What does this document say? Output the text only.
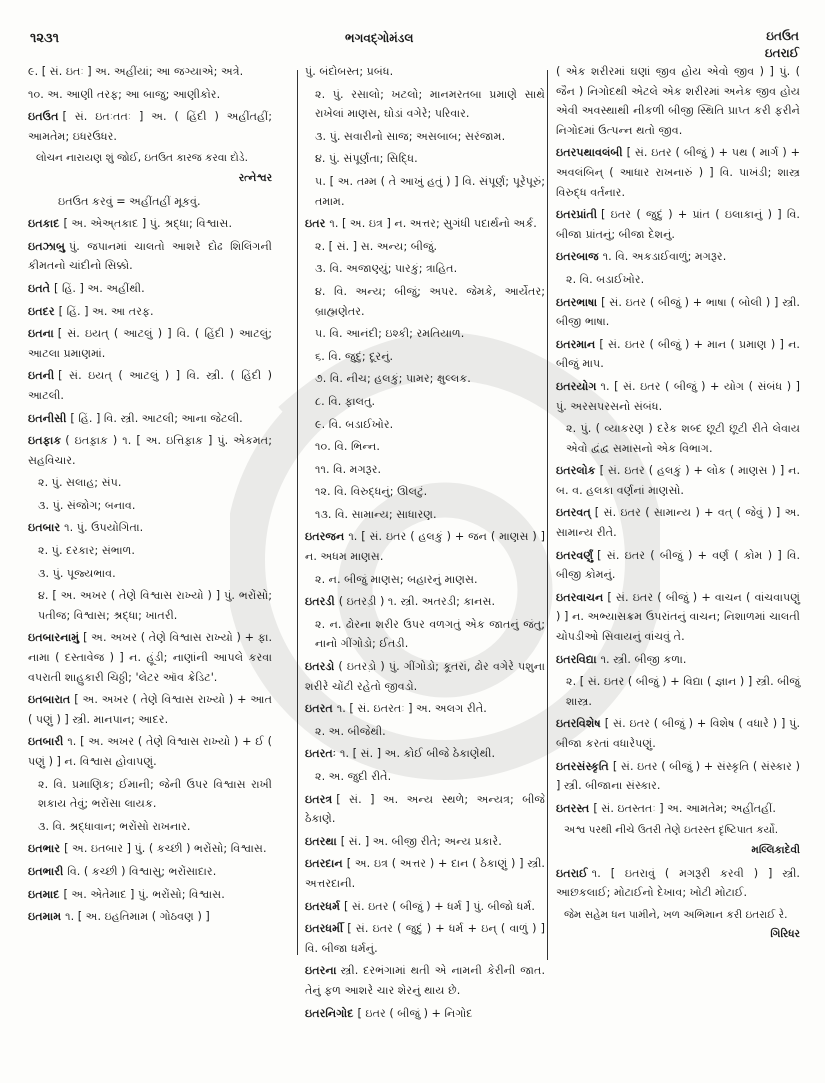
૧૨૩૧	ભગવદ્ગોમંડલ	ઇતઉત
ઇતરાઈ
૯. [ સં. ઇતઃ ] અ. અહીંયાં; આ જગ્યાએ; અત્રે.
૧૦. અ. આણી તરફ; આ બાજુ; આણીકોર.
ઇતઉત [ સં. ઇતઃતતઃ ] અ. ( હિંદી ) અહીંતહીં; આમતેમ; ઇધરઉધર.
લોચન નારાયણ શું જોઈ, ઇતઉત કારજ કરવા દોડે.
રત્નેશ્વર
ઇતઉત કરવું = અહીંતહીં મૂકવું.
ઇતકાદ [ અ. એઅ્તકાદ ] પું. શ્રદ્ધા; વિશ્વાસ.
ઇતઝાબુ પું. જપાનમાં ચાલતો આશરે દોઢ શિલિંગની કીમતનો ચાંદીનો સિક્કો.
ઇતતે [ હિં. ] અ. અહીંથી.
ઇતદર [ હિં. ] અ. આ તરફ.
ઇતના [ સં. ઇયત્ ( આટલું ) ] વિ. ( હિંદી ) આટલું; આટલા પ્રમાણમાં.
ઇતની [ સં. ઇયત્ ( આટલું ) ] વિ. સ્ત્રી. ( હિંદી ) આટલી.
ઇતનીસી [ હિં. ] વિ. સ્ત્રી. આટલી; આના જેટલી.
ઇતફાક ( ઇતફ઼ાક઼ ) ૧. [ અ. ઇત્તિફ઼ાક઼ ] પું. એકમત; સહવિચાર.
૨. પું. સલાહ; સંપ.
૩. પું. સંજોગ; બનાવ.
ઇતબાર ૧. પું. ઉપયોગિતા.
૨. પું. દરકાર; સંભાળ.
૩. પું. પૂજ્યભાવ.
૪. [ અ. અખર ( તેણે વિશ્વાસ રાખ્યો ) ] પું. ભરોંસો; પતીજ; વિશ્વાસ; શ્રદ્ધા; ખાતરી.
ઇતબારનામું [ અ. અખર ( તેણે વિશ્વાસ રાખ્યો ) + ફા. નામા ( દસ્તાવેજ ) ] ન. હૂંડી; નાણાંની આપલે કરવા વપરાતી શાહુકારી ચિઠ્ઠી; 'લેટર ઑવ ક્રેડિટ'.
ઇતબારાત [ અ. અખર ( તેણે વિશ્વાસ રાખ્યો ) + આત ( પણું ) ] સ્ત્રી. માનપાન; આદર.
ઇતબારી ૧. [ અ. અખર ( તેણે વિશ્વાસ રાખ્યો ) + ઈ ( પણું ) ] ન. વિશ્વાસ હોવાપણું.
૨. વિ. પ્રમાણિક; ઈમાની; જેની ઉપર વિશ્વાસ રાખી શકાય તેવું; ભરોંસા લાયક.
૩. વિ. શ્રદ્ધાવાન; ભરોંસો રાખનાર.
ઇતભાર [ અ. ઇતબાર ] પું. ( કચ્છી ) ભરોંસો; વિશ્વાસ.
ઇતભારી વિ. ( કચ્છી ) વિશ્વાસુ; ભરોંસાદાર.
ઇતમાદ [ અ. એતેમાદ ] પું. ભરોંસો; વિશ્વાસ.
ઇતમામ ૧. [ અ. ઇહતિમામ ( ગોઠવણ ) ]
પું. બંદોબસ્ત; પ્રબંધ.
૨. પું. રસાલો; ખટલો; માનમરતબા પ્રમાણે સાથે રાખેલાં માણસ, ઘોડાં વગેરે; પરિવાર.
૩. પું. સવારીનો સાજ; અસબાબ; સરંજામ.
૪. પું. સંપૂર્ણતા; સિદ્ધિ.
૫. [ અ. તમ્મ ( તે આખું હતું ) ] વિ. સંપૂર્ણ; પૂરેપૂરું; તમામ.
ઇતર ૧. [ અ. ઇત્ર ] ન. અત્તર; સુગંધી પદાર્થનો અર્ક.
૨. [ સં. ] સ. અન્ય; બીજું.
૩. વિ. અજાણ્યું; પારકું; ત્રાહિત.
૪. વિ. અન્ય; બીજું; અપર. જેમકે, આર્યેતર; બ્રાહ્મણેતર.
૫. વિ. આનંદી; ઇશ્કી; રમતિયાળ.
૬. વિ. જુદું; દૂરનું.
૭. વિ. નીચ; હલકું; પામર; ક્ષુલ્લક.
૮. વિ. ફાલતુ.
૯. વિ. બડાઈખોર.
૧૦. વિ. ભિન્ન.
૧૧. વિ. મગરૂર.
૧૨. વિ. વિરુદ્ધનું; ઊલટું.
૧૩. વિ. સામાન્ય; સાધારણ.
ઇતરજન ૧. [ સં. ઇતર ( હલકું ) + જન ( માણસ ) ] ન. અધમ માણસ.
૨. ન. બીજું માણસ; બહારનું માણસ.
ઇતરડી ( ઇતરડ઼ી ) ૧. સ્ત્રી. અતરડી; કાનસ.
૨. ન. ઢોરના શરીર ઉપર વળગતું એક જાતનું જંતુ; નાનો ગીંગોડો; ઈતડી.
ઇતરડો ( ઇતરડ઼ો ) પું. ગીંગોડો; કૂતરાં, ઢોર વગેરે પશુના શરીરે ચોંટી રહેતો જીવડો.
ઇતરત ૧. [ સં. ઇતરતઃ ] અ. અલગ રીતે.
૨. અ. બીજેથી.
ઇતરતઃ ૧. [ સં. ] અ. કોઈ બીજે ઠેકાણેથી.
૨. અ. જુદી રીતે.
ઇતરત્ર [ સં. ] અ. અન્ય સ્થળે; અન્યત્ર; બીજે ઠેકાણે.
ઇતરથા [ સં. ] અ. બીજી રીતે; અન્ય પ્રકારે.
ઇતરદાન [ અ. ઇત્ર ( અત્તર ) + દાન ( ઠેકાણું ) ] સ્ત્રી. અત્તરદાની.
ઇતરધર્મ [ સં. ઇતર ( બીજું ) + ધર્મ ] પું. બીજો ધર્મ.
ઇતરધર્મી [ સં. ઇતર ( જુદું ) + ધર્મ + ઇન્ ( વાળું ) ] વિ. બીજા ધર્મનું.
ઇતરના સ્ત્રી. દરભંગામાં થતી એ નામની કેરીની જાત. તેનું ફળ આશરે ચાર શેરનું થાય છે.
ઇતરનિગોદ [ ઇતર ( બીજું ) + નિગોદ
( એક શરીરમાં ઘણાં જીવ હોય એવો જીવ ) ] પું. ( જૈન ) નિગોદથી એટલે એક શરીરમાં અનેક જીવ હોય એવી અવસ્થાથી નીકળી બીજી સ્થિતિ પ્રાપ્ત કરી ફરીને નિગોદમાં ઉત્પન્ન થતો જીવ.
ઇતરપથાવલંબી [ સં. ઇતર ( બીજું ) + પથ ( માર્ગ ) + અવલંબિન્ ( આધાર રાખનારું ) ] વિ. પાખંડી; શાસ્ત્ર વિરુદ્ધ વર્તનાર.
ઇતરપ્રાંતી [ ઇતર ( જુદું ) + પ્રાંત ( ઇલાકાનું ) ] વિ. બીજા પ્રાંતનું; બીજા દેશનું.
ઇતરબાજ ૧. વિ. અકડાઈવાળું; મગરૂર.
૨. વિ. બડાઈખોર.
ઇતરભાષા [ સં. ઇતર ( બીજું ) + ભાષા ( બોલી ) ] સ્ત્રી. બીજી ભાષા.
ઇતરમાન [ સં. ઇતર ( બીજું ) + માન ( પ્રમાણ ) ] ન. બીજું માપ.
ઇતરયોગ ૧. [ સં. ઇતર ( બીજું ) + યોગ ( સંબંધ ) ] પું. અરસપરસનો સંબંધ.
૨. પું. ( વ્યાકરણ ) દરેક શબ્દ છૂટી છૂટી રીતે લેવાય એવો દ્વંદ્વ સમાસનો એક વિભાગ.
ઇતરલોક [ સં. ઇતર ( હલકું ) + લોક ( માણસ ) ] ન. બ. વ. હલકા વર્ણનાં માણસો.
ઇતરવત્ [ સં. ઇતર ( સામાન્ય ) + વત્ ( જેવું ) ] અ. સામાન્ય રીતે.
ઇતરવર્ણું [ સં. ઇતર ( બીજું ) + વર્ણ ( કોમ ) ] વિ. બીજી કોમનું.
ઇતરવાચન [ સં. ઇતર ( બીજું ) + વાચન ( વાંચવાપણું ) ] ન. અભ્યાસક્રમ ઉપરાંતનું વાચન; નિશાળમાં ચાલતી ચોપડીઓ સિવાયનું વાંચવું તે.
ઇતરવિદ્યા ૧. સ્ત્રી. બીજી કળા.
૨. [ સં. ઇતર ( બીજું ) + વિદ્યા ( જ્ઞાન ) ] સ્ત્રી. બીજું શાસ્ત્ર.
ઇતરવિશેષ [ સં. ઇતર ( બીજું ) + વિશેષ ( વધારે ) ] પું. બીજા કરતાં વધારેપણું.
ઇતરસંસ્કૃતિ [ સં. ઇતર ( બીજું ) + સંસ્કૃતિ ( સંસ્કાર ) ] સ્ત્રી. બીજાના સંસ્કાર.
ઇતરસ્ત [ સં. ઇતસ્તતઃ ] અ. આમતેમ; અહીંતહીં.
અશ્વ પરથી નીચે ઉતરી તેણે ઇતરસ્ત દૃષ્ટિપાત કર્યો.
મલ્લિકાદેવી
ઇતરાઈ ૧. [ ઇતરાવું ( મગરૂરી કરવી ) ] સ્ત્રી. આછકલાઈ; મોટાઈનો દેખાવ; ખોટી મોટાઈ.
જેમ સહેમ ધન પામીને, ખળ અભિમાન કરી ઇતરાઈ રે.
ગિરિધર
